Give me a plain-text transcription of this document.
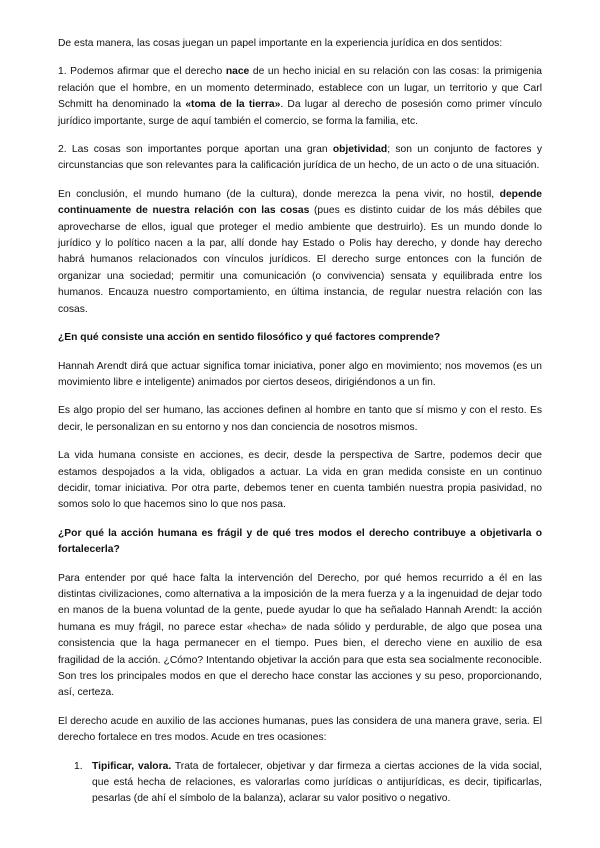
De esta manera, las cosas juegan un papel importante en la experiencia jurídica en dos sentidos:

1. Podemos afirmar que el derecho nace de un hecho inicial en su relación con las cosas: la primigenia relación que el hombre, en un momento determinado, establece con un lugar, un territorio y que Carl Schmitt ha denominado la «toma de la tierra». Da lugar al derecho de posesión como primer vínculo jurídico importante, surge de aquí también el comercio, se forma la familia, etc.

2. Las cosas son importantes porque aportan una gran objetividad; son un conjunto de factores y circunstancias que son relevantes para la calificación jurídica de un hecho, de un acto o de una situación.

En conclusión, el mundo humano (de la cultura), donde merezca la pena vivir, no hostil, depende continuamente de nuestra relación con las cosas (pues es distinto cuidar de los más débiles que aprovecharse de ellos, igual que proteger el medio ambiente que destruirlo). Es un mundo donde lo jurídico y lo político nacen a la par, allí donde hay Estado o Polis hay derecho, y donde hay derecho habrá humanos relacionados con vínculos jurídicos. El derecho surge entonces con la función de organizar una sociedad; permitir una comunicación (o convivencia) sensata y equilibrada entre los humanos. Encauza nuestro comportamiento, en última instancia, de regular nuestra relación con las cosas.

¿En qué consiste una acción en sentido filosófico y qué factores comprende?

Hannah Arendt dirá que actuar significa tomar iniciativa, poner algo en movimiento; nos movemos (es un movimiento libre e inteligente) animados por ciertos deseos, dirigiéndonos a un fin.

Es algo propio del ser humano, las acciones definen al hombre en tanto que sí mismo y con el resto. Es decir, le personalizan en su entorno y nos dan conciencia de nosotros mismos.

La vida humana consiste en acciones, es decir, desde la perspectiva de Sartre, podemos decir que estamos despojados a la vida, obligados a actuar. La vida en gran medida consiste en un continuo decidir, tomar iniciativa. Por otra parte, debemos tener en cuenta también nuestra propia pasividad, no somos solo lo que hacemos sino lo que nos pasa.

¿Por qué la acción humana es frágil y de qué tres modos el derecho contribuye a objetivarla o fortalecerla?

Para entender por qué hace falta la intervención del Derecho, por qué hemos recurrido a él en las distintas civilizaciones, como alternativa a la imposición de la mera fuerza y a la ingenuidad de dejar todo en manos de la buena voluntad de la gente, puede ayudar lo que ha señalado Hannah Arendt: la acción humana es muy frágil, no parece estar «hecha» de nada sólido y perdurable, de algo que posea una consistencia que la haga permanecer en el tiempo. Pues bien, el derecho viene en auxilio de esa fragilidad de la acción. ¿Cómo? Intentando objetivar la acción para que esta sea socialmente reconocible. Son tres los principales modos en que el derecho hace constar las acciones y su peso, proporcionando, así, certeza.

El derecho acude en auxilio de las acciones humanas, pues las considera de una manera grave, seria. El derecho fortalece en tres modos. Acude en tres ocasiones:

1. Tipificar, valora. Trata de fortalecer, objetivar y dar firmeza a ciertas acciones de la vida social, que está hecha de relaciones, es valorarlas como jurídicas o antijurídicas, es decir, tipificarlas, pesarlas (de ahí el símbolo de la balanza), aclarar su valor positivo o negativo.
